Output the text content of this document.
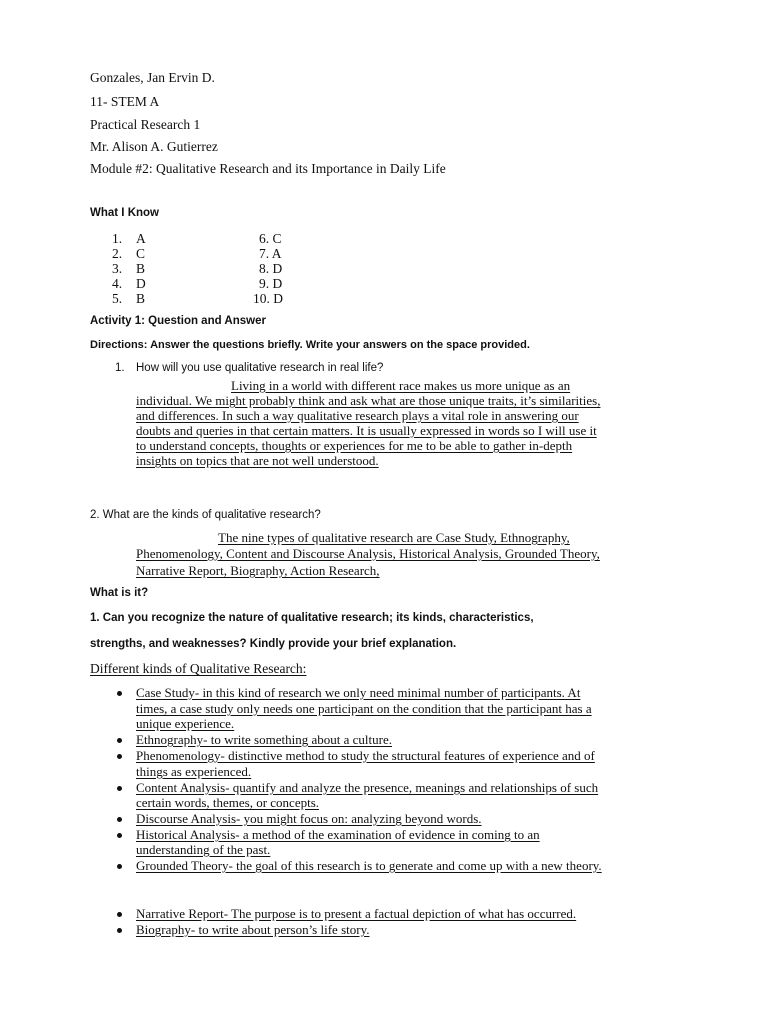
Gonzales, Jan Ervin D.
11- STEM A
Practical Research 1
Mr. Alison A. Gutierrez
Module #2: Qualitative Research and its Importance in Daily Life
What I Know
1. A
2. C
3. B
4. D
5. B
6. C
7. A
8. D
9. D
10. D
Activity 1: Question and Answer
Directions: Answer the questions briefly. Write your answers on the space provided.
1. How will you use qualitative research in real life?
Living in a world with different race makes us more unique as an
individual. We might probably think and ask what are those unique traits, it’s similarities,
and differences. In such a way qualitative research plays a vital role in answering our
doubts and queries in that certain matters. It is usually expressed in words so I will use it
to understand concepts, thoughts or experiences for me to be able to gather in-depth
insights on topics that are not well understood.
2. What are the kinds of qualitative research?
The nine types of qualitative research are Case Study, Ethnography,
Phenomenology, Content and Discourse Analysis, Historical Analysis, Grounded Theory,
Narrative Report, Biography, Action Research,
What is it?
1. Can you recognize the nature of qualitative research; its kinds, characteristics,
strengths, and weaknesses? Kindly provide your brief explanation.
Different kinds of Qualitative Research:
Case Study- in this kind of research we only need minimal number of participants. At
times, a case study only needs one participant on the condition that the participant has a
unique experience.
Ethnography- to write something about a culture.
Phenomenology- distinctive method to study the structural features of experience and of
things as experienced.
Content Analysis- quantify and analyze the presence, meanings and relationships of such
certain words, themes, or concepts.
Discourse Analysis- you might focus on: analyzing beyond words.
Historical Analysis- a method of the examination of evidence in coming to an
understanding of the past.
Grounded Theory- the goal of this research is to generate and come up with a new theory.
Narrative Report- The purpose is to present a factual depiction of what has occurred.
Biography- to write about person’s life story.
